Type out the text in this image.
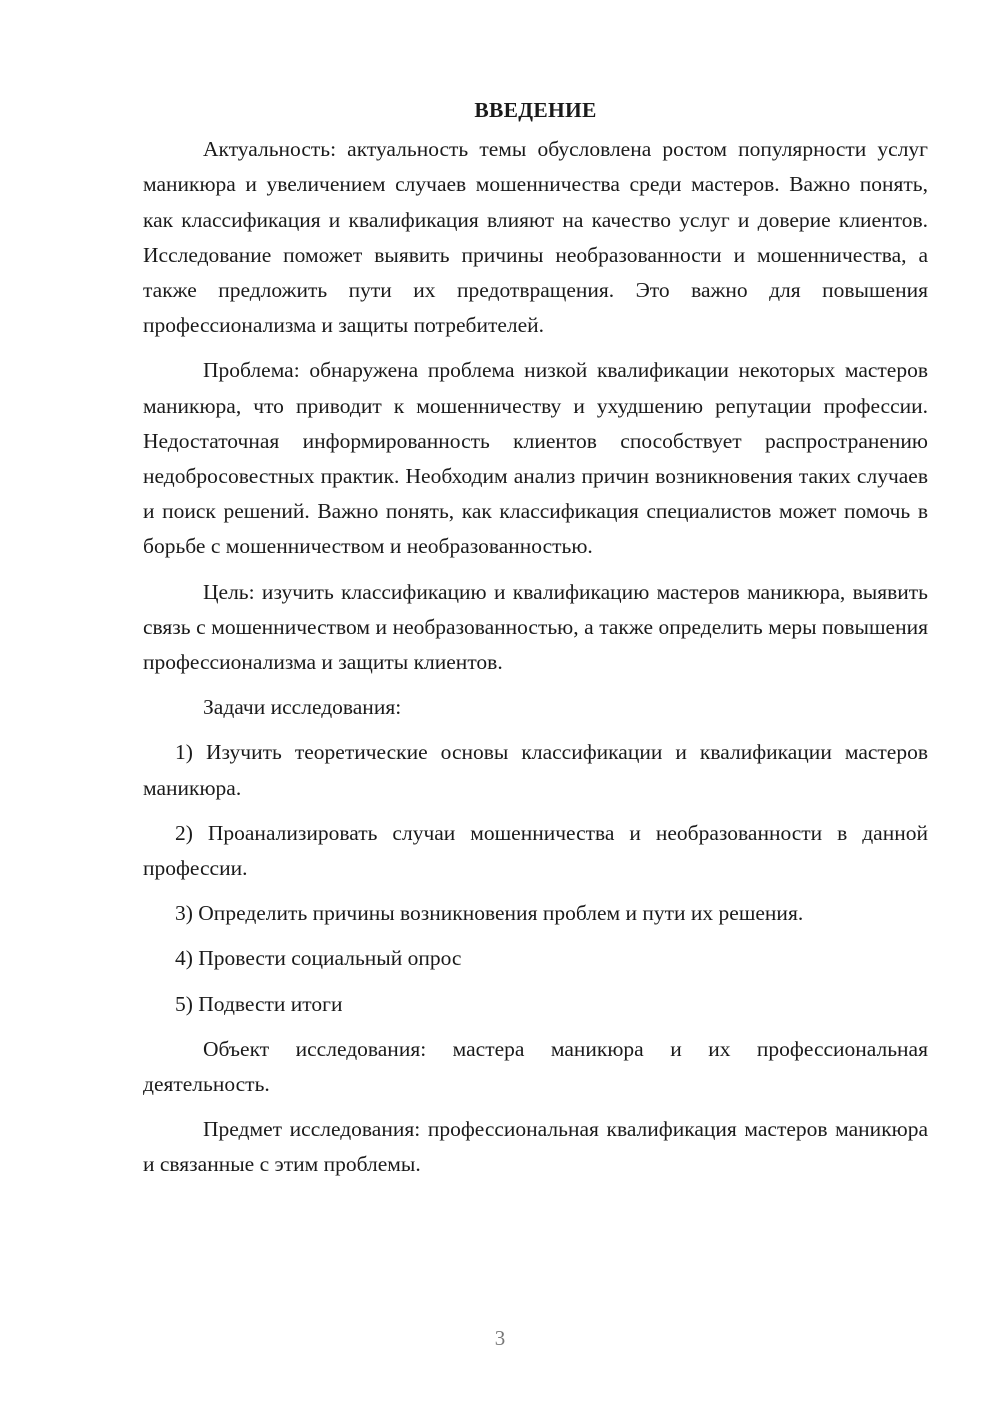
ВВЕДЕНИЕ

Актуальность: актуальность темы обусловлена ростом популярности услуг маникюра и увеличением случаев мошенничества среди мастеров. Важно понять, как классификация и квалификация влияют на качество услуг и доверие клиентов. Исследование поможет выявить причины необразованности и мошенничества, а также предложить пути их предотвращения. Это важно для повышения профессионализма и защиты потребителей.

Проблема: обнаружена проблема низкой квалификации некоторых мастеров маникюра, что приводит к мошенничеству и ухудшению репутации профессии. Недостаточная информированность клиентов способствует распространению недобросовестных практик. Необходим анализ причин возникновения таких случаев и поиск решений. Важно понять, как классификация специалистов может помочь в борьбе с мошенничеством и необразованностью.

Цель: изучить классификацию и квалификацию мастеров маникюра, выявить связь с мошенничеством и необразованностью, а также определить меры повышения профессионализма и защиты клиентов.

Задачи исследования:

1) Изучить теоретические основы классификации и квалификации мастеров маникюра.

2) Проанализировать случаи мошенничества и необразованности в данной профессии.

3) Определить причины возникновения проблем и пути их решения.

4) Провести социальный опрос

5) Подвести итоги

Объект исследования: мастера маникюра и их профессиональная деятельность.

Предмет исследования: профессиональная квалификация мастеров маникюра и связанные с этим проблемы.

3
